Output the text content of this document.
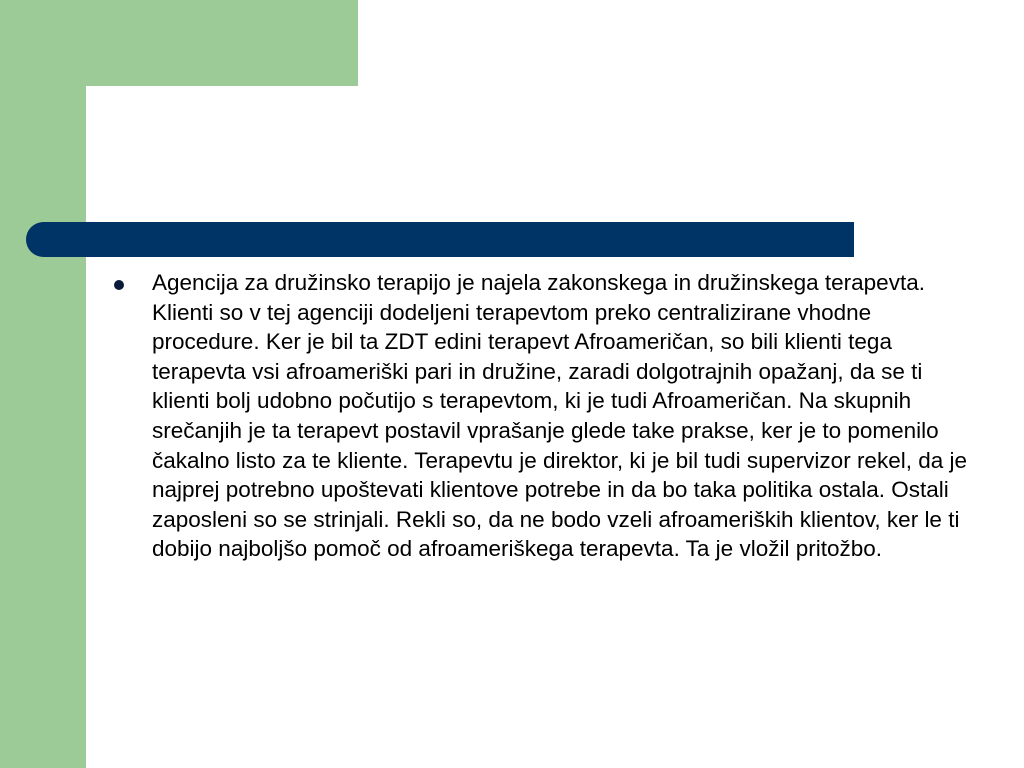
Agencija za družinsko terapijo je najela zakonskega in družinskega terapevta. Klienti so v tej agenciji dodeljeni terapevtom preko centralizirane vhodne procedure. Ker je bil ta ZDT edini terapevt Afroameričan, so bili klienti tega terapevta vsi afroameriški pari in družine, zaradi dolgotrajnih opažanj, da se ti klienti bolj udobno počutijo s terapevtom, ki je tudi Afroameričan. Na skupnih srečanjih je ta terapevt postavil vprašanje glede take prakse, ker je to pomenilo čakalno listo za te kliente. Terapevtu je direktor, ki je bil tudi supervizor rekel, da je najprej potrebno upoštevati klientove potrebe in da bo taka politika ostala. Ostali zaposleni so se strinjali. Rekli so, da ne bodo vzeli afroameriških klientov, ker le ti dobijo najboljšo pomoč od afroameriškega terapevta. Ta je vložil pritožbo.
